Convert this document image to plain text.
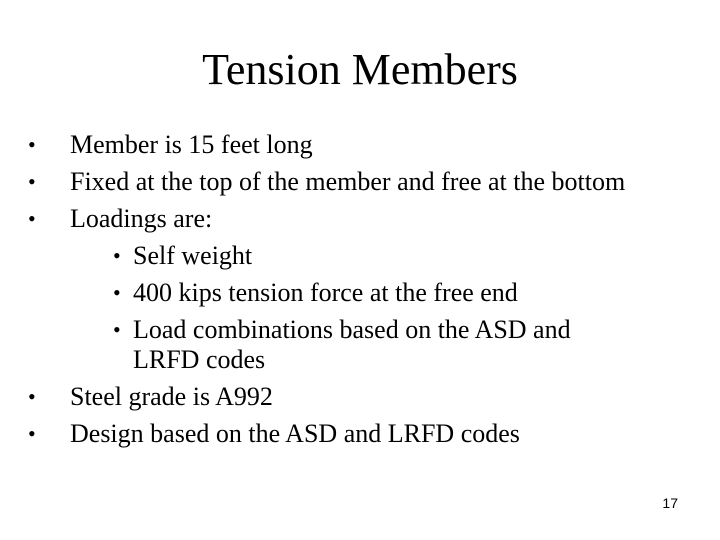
Tension Members
• Member is 15 feet long
• Fixed at the top of the member and free at the bottom
• Loadings are:
• Self weight
• 400 kips tension force at the free end
• Load combinations based on the ASD and
LRFD codes
• Steel grade is A992
• Design based on the ASD and LRFD codes
17
